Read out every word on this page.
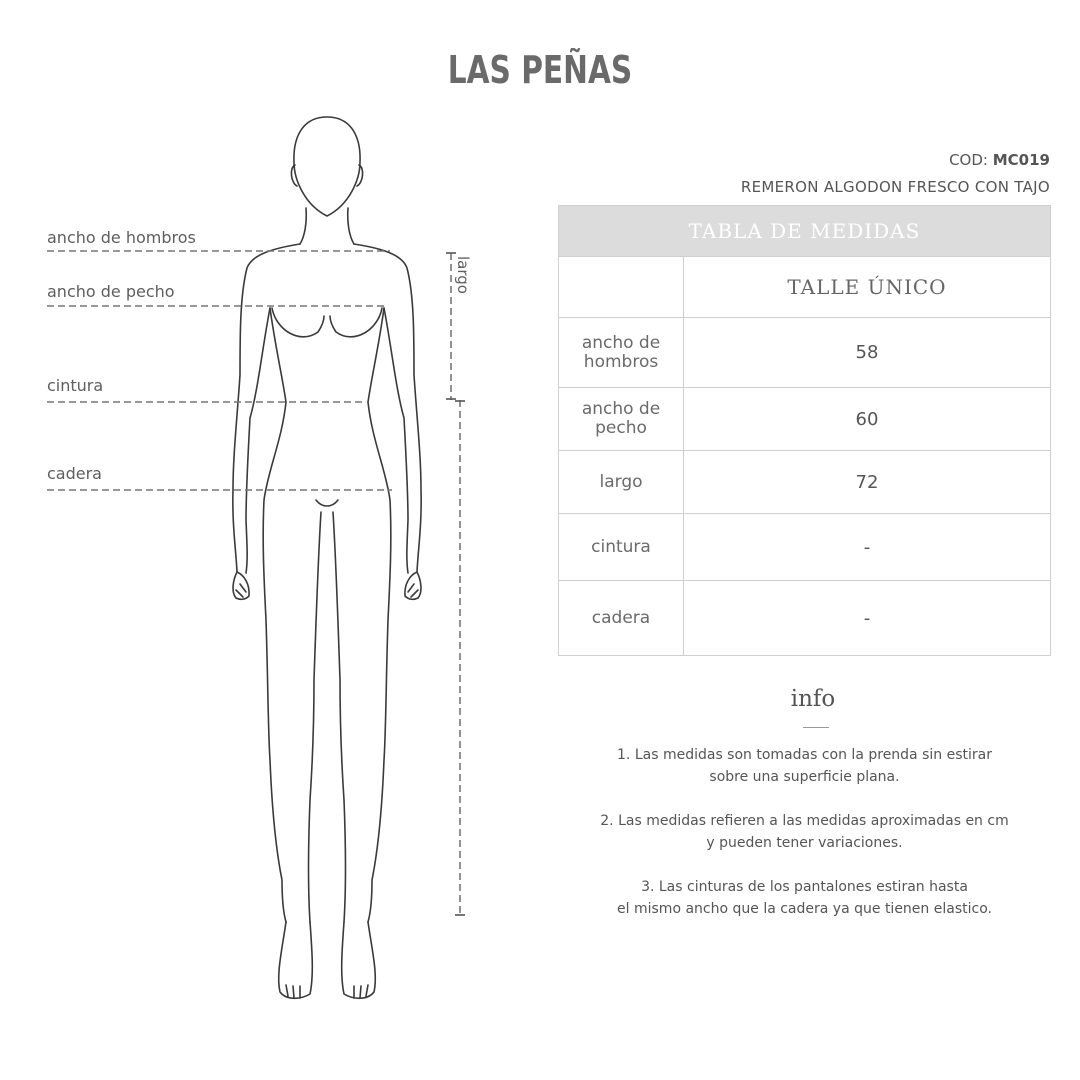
LAS PEÑAS
ancho de hombros
ancho de pecho
cintura
cadera
largo
COD: MC019
REMERON ALGODON FRESCO CON TAJO
TABLA DE MEDIDAS	
	TALLE ÚNICO

ancho de
hombros	58

ancho de
pecho	60
largo	72
cintura	-
cadera	-
info
1. Las medidas son tomadas con la prenda sin estirar
sobre una superficie plana.
2. Las medidas refieren a las medidas aproximadas en cm
y pueden tener variaciones.
3. Las cinturas de los pantalones estiran hasta
el mismo ancho que la cadera ya que tienen elastico.
